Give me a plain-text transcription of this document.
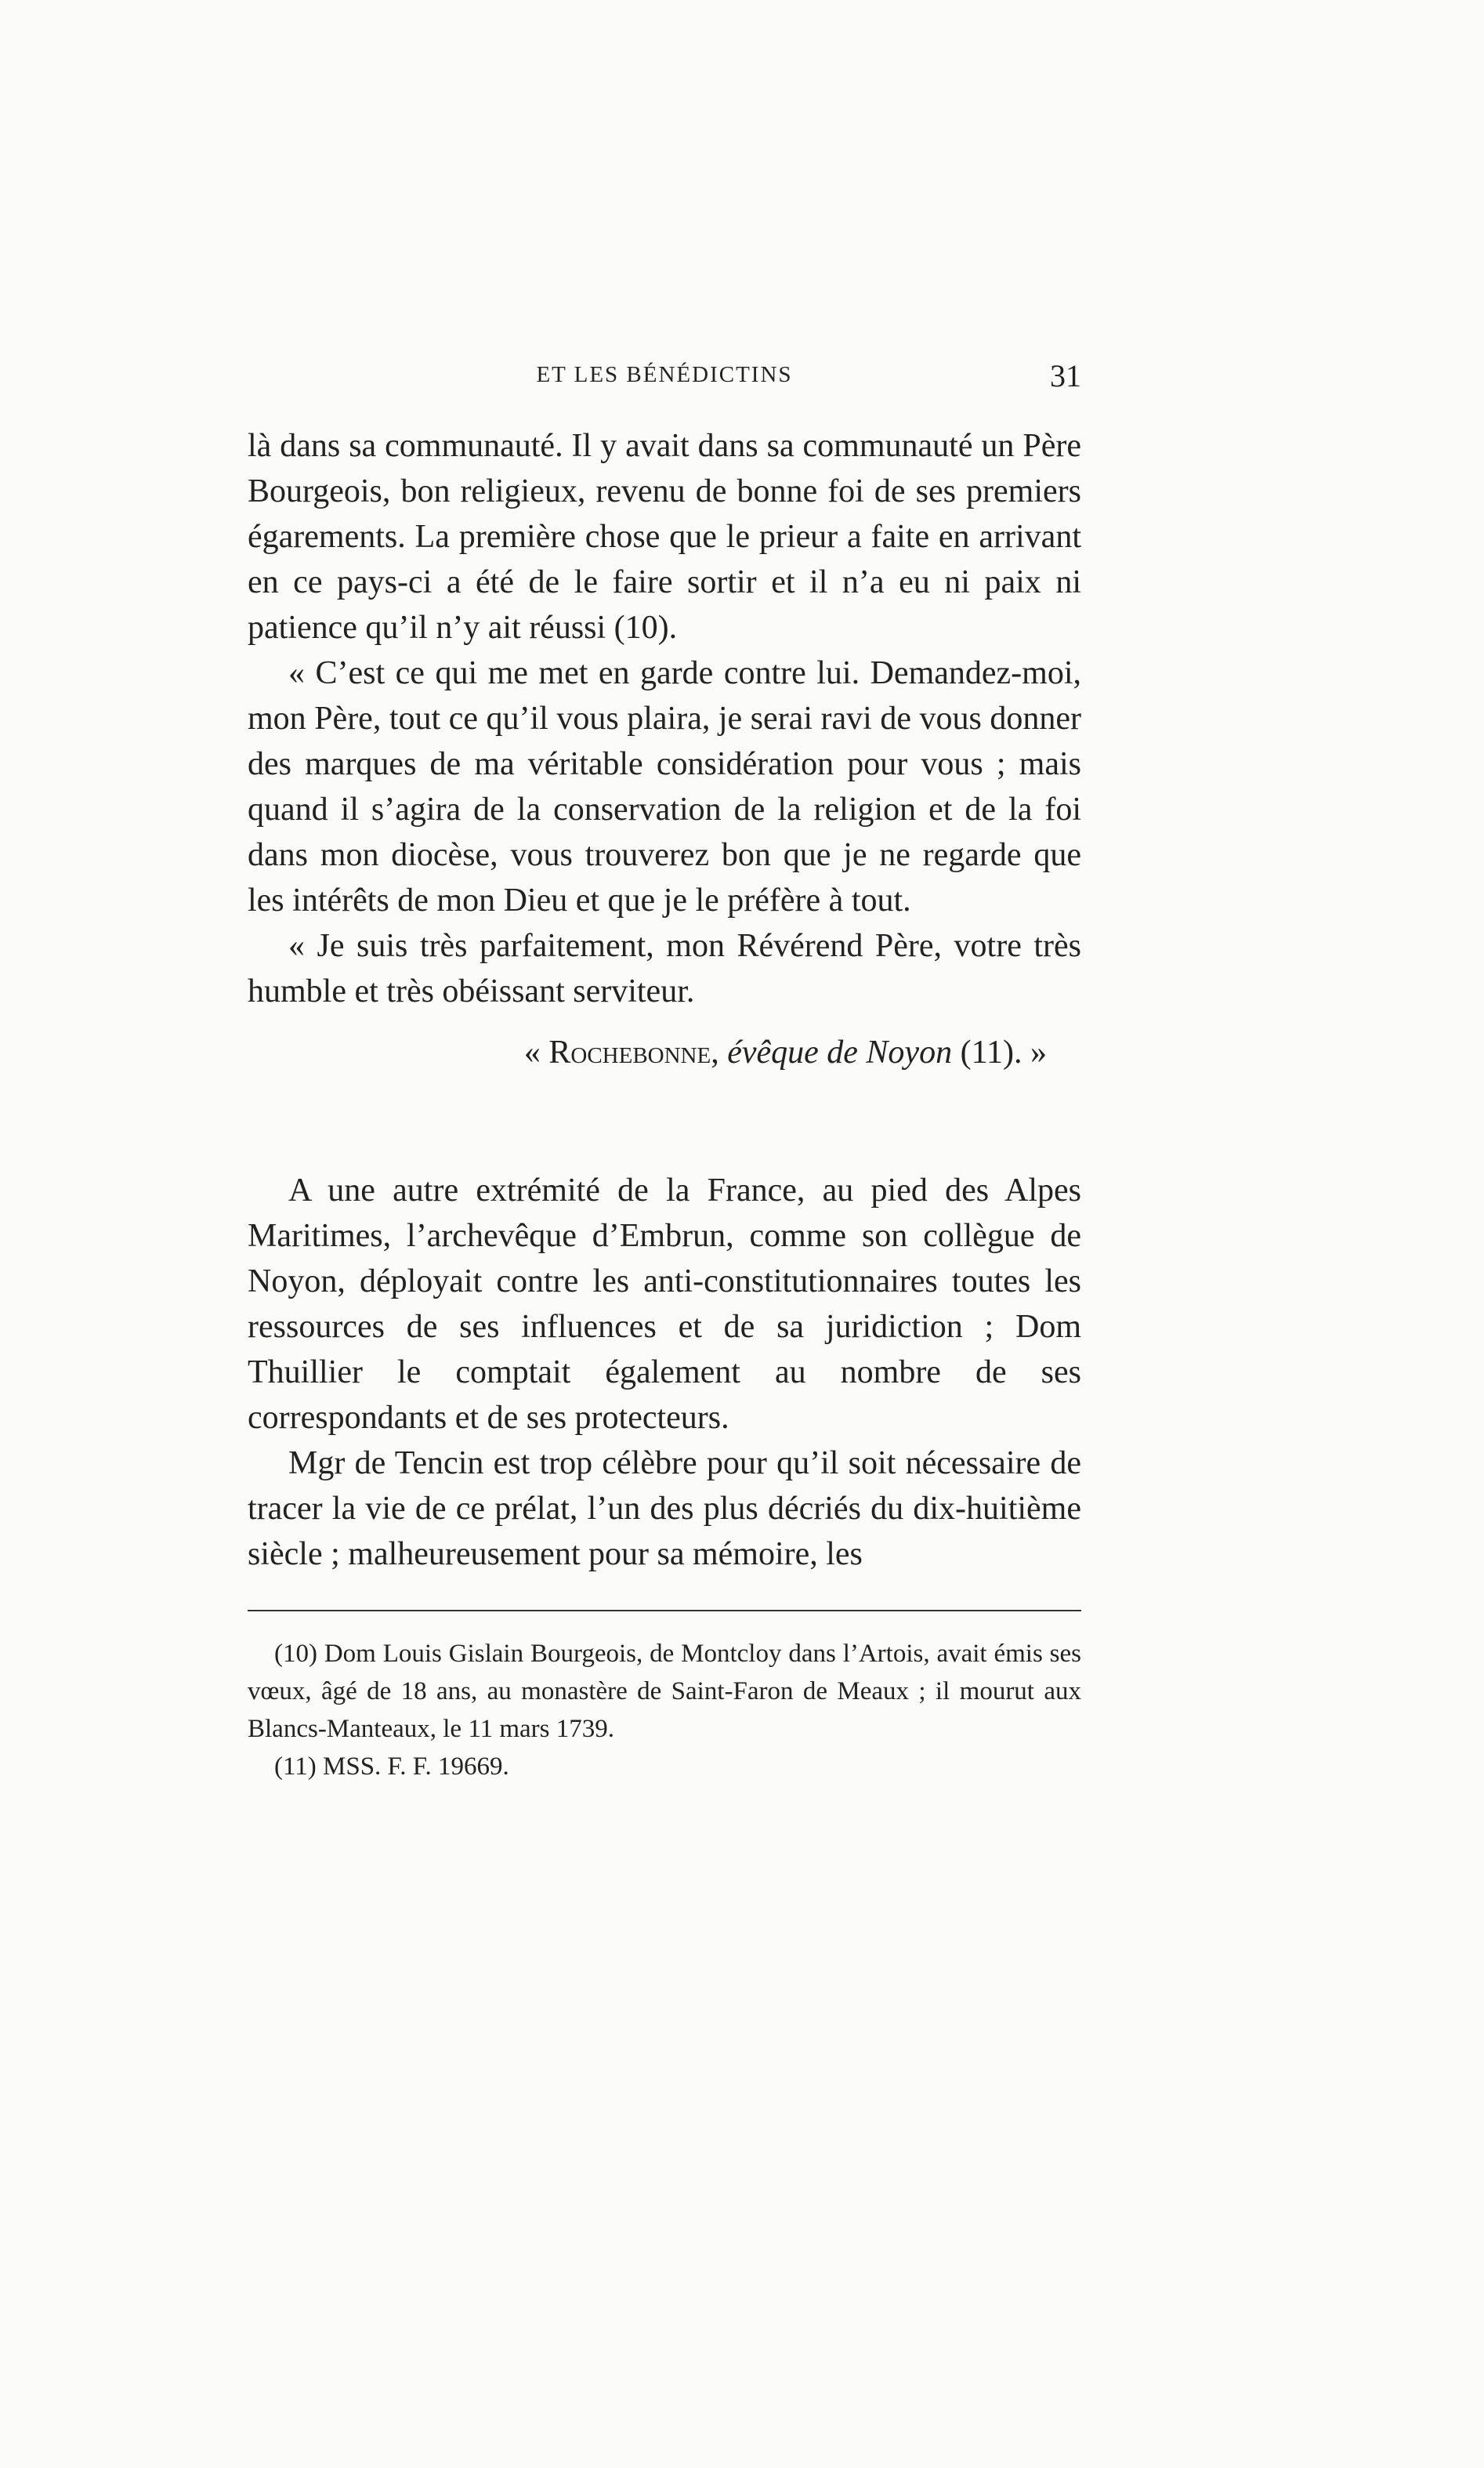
ET LES BÉNÉDICTINS	31

là dans sa communauté. Il y avait dans sa communauté un Père Bourgeois, bon religieux, revenu de bonne foi de ses premiers égarements. La première chose que le prieur a faite en arrivant en ce pays-ci a été de le faire sortir et il n’a eu ni paix ni patience qu’il n’y ait réussi (10).

« C’est ce qui me met en garde contre lui. Demandez-moi, mon Père, tout ce qu’il vous plaira, je serai ravi de vous donner des marques de ma véritable considération pour vous ; mais quand il s’agira de la conservation de la religion et de la foi dans mon diocèse, vous trouverez bon que je ne regarde que les intérêts de mon Dieu et que je le préfère à tout.

« Je suis très parfaitement, mon Révérend Père, votre très humble et très obéissant serviteur.

« Rochebonne, évêque de Noyon (11). »

A une autre extrémité de la France, au pied des Alpes Maritimes, l’archevêque d’Embrun, comme son collègue de Noyon, déployait contre les anti-constitutionnaires toutes les ressources de ses influences et de sa juridiction ; Dom Thuillier le comptait également au nombre de ses correspondants et de ses protecteurs.

Mgr de Tencin est trop célèbre pour qu’il soit nécessaire de tracer la vie de ce prélat, l’un des plus décriés du dix-huitième siècle ; malheureusement pour sa mémoire, les

(10) Dom Louis Gislain Bourgeois, de Montcloy dans l’Artois, avait émis ses vœux, âgé de 18 ans, au monastère de Saint-Faron de Meaux ; il mourut aux Blancs-Manteaux, le 11 mars 1739.

(11) MSS. F. F. 19669.
